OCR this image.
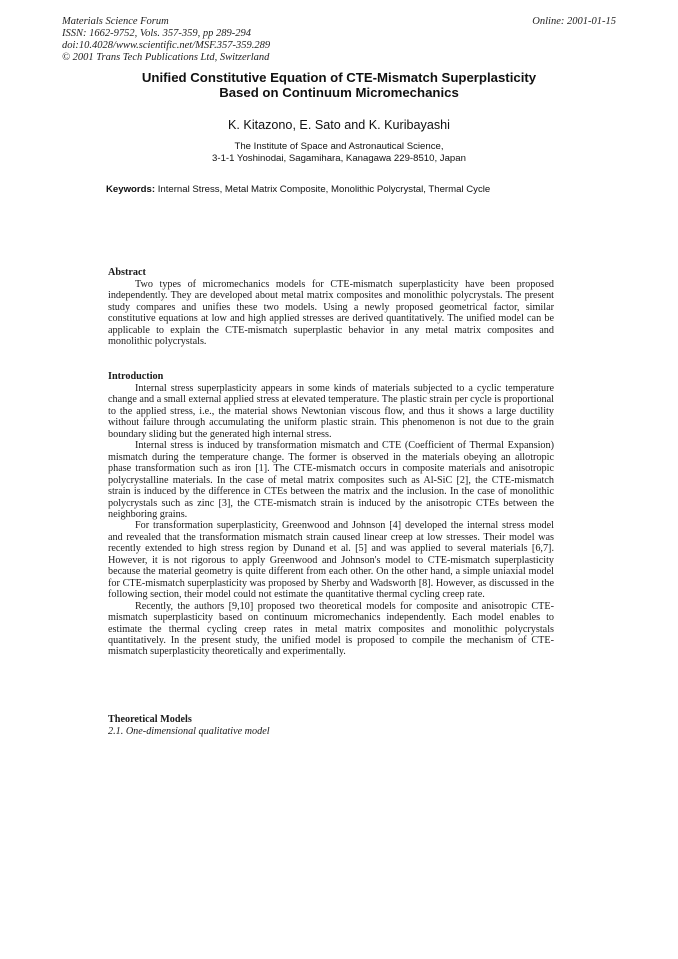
Materials Science Forum
ISSN: 1662-9752, Vols. 357-359, pp 289-294
doi:10.4028/www.scientific.net/MSF.357-359.289
© 2001 Trans Tech Publications Ltd, Switzerland
Online: 2001-01-15
Unified Constitutive Equation of CTE-Mismatch Superplasticity
Based on Continuum Micromechanics
K. Kitazono, E. Sato and K. Kuribayashi
The Institute of Space and Astronautical Science,
3-1-1 Yoshinodai, Sagamihara, Kanagawa 229-8510, Japan
Keywords: Internal Stress, Metal Matrix Composite, Monolithic Polycrystal, Thermal Cycle
Abstract

Two types of micromechanics models for CTE-mismatch superplasticity have been proposed independently. They are developed about metal matrix composites and monolithic polycrystals. The present study compares and unifies these two models. Using a newly proposed geometrical factor, similar constitutive equations at low and high applied stresses are derived quantitatively. The unified model can be applicable to explain the CTE-mismatch superplastic behavior in any metal matrix composites and monolithic polycrystals.

Introduction

Internal stress superplasticity appears in some kinds of materials subjected to a cyclic temperature change and a small external applied stress at elevated temperature. The plastic strain per cycle is proportional to the applied stress, i.e., the material shows Newtonian viscous flow, and thus it shows a large ductility without failure through accumulating the uniform plastic strain. This phenomenon is not due to the grain boundary sliding but the generated high internal stress.

Internal stress is induced by transformation mismatch and CTE (Coefficient of Thermal Expansion) mismatch during the temperature change. The former is observed in the materials obeying an allotropic phase transformation such as iron [1]. The CTE-mismatch occurs in composite materials and anisotropic polycrystalline materials. In the case of metal matrix composites such as Al-SiC [2], the CTE-mismatch strain is induced by the difference in CTEs between the matrix and the inclusion. In the case of monolithic polycrystals such as zinc [3], the CTE-mismatch strain is induced by the anisotropic CTEs between the neighboring grains.

For transformation superplasticity, Greenwood and Johnson [4] developed the internal stress model and revealed that the transformation mismatch strain caused linear creep at low stresses. Their model was recently extended to high stress region by Dunand et al. [5] and was applied to several materials [6,7]. However, it is not rigorous to apply Greenwood and Johnson's model to CTE-mismatch superplasticity because the material geometry is quite different from each other. On the other hand, a simple uniaxial model for CTE-mismatch superplasticity was proposed by Sherby and Wadsworth [8]. However, as discussed in the following section, their model could not estimate the quantitative thermal cycling creep rate.

Recently, the authors [9,10] proposed two theoretical models for composite and anisotropic CTE-mismatch superplasticity based on continuum micromechanics independently. Each model enables to estimate the thermal cycling creep rates in metal matrix composites and monolithic polycrystals quantitatively. In the present study, the unified model is proposed to compile the mechanism of CTE-mismatch superplasticity theoretically and experimentally.

Theoretical Models
2.1. One-dimensional qualitative model
